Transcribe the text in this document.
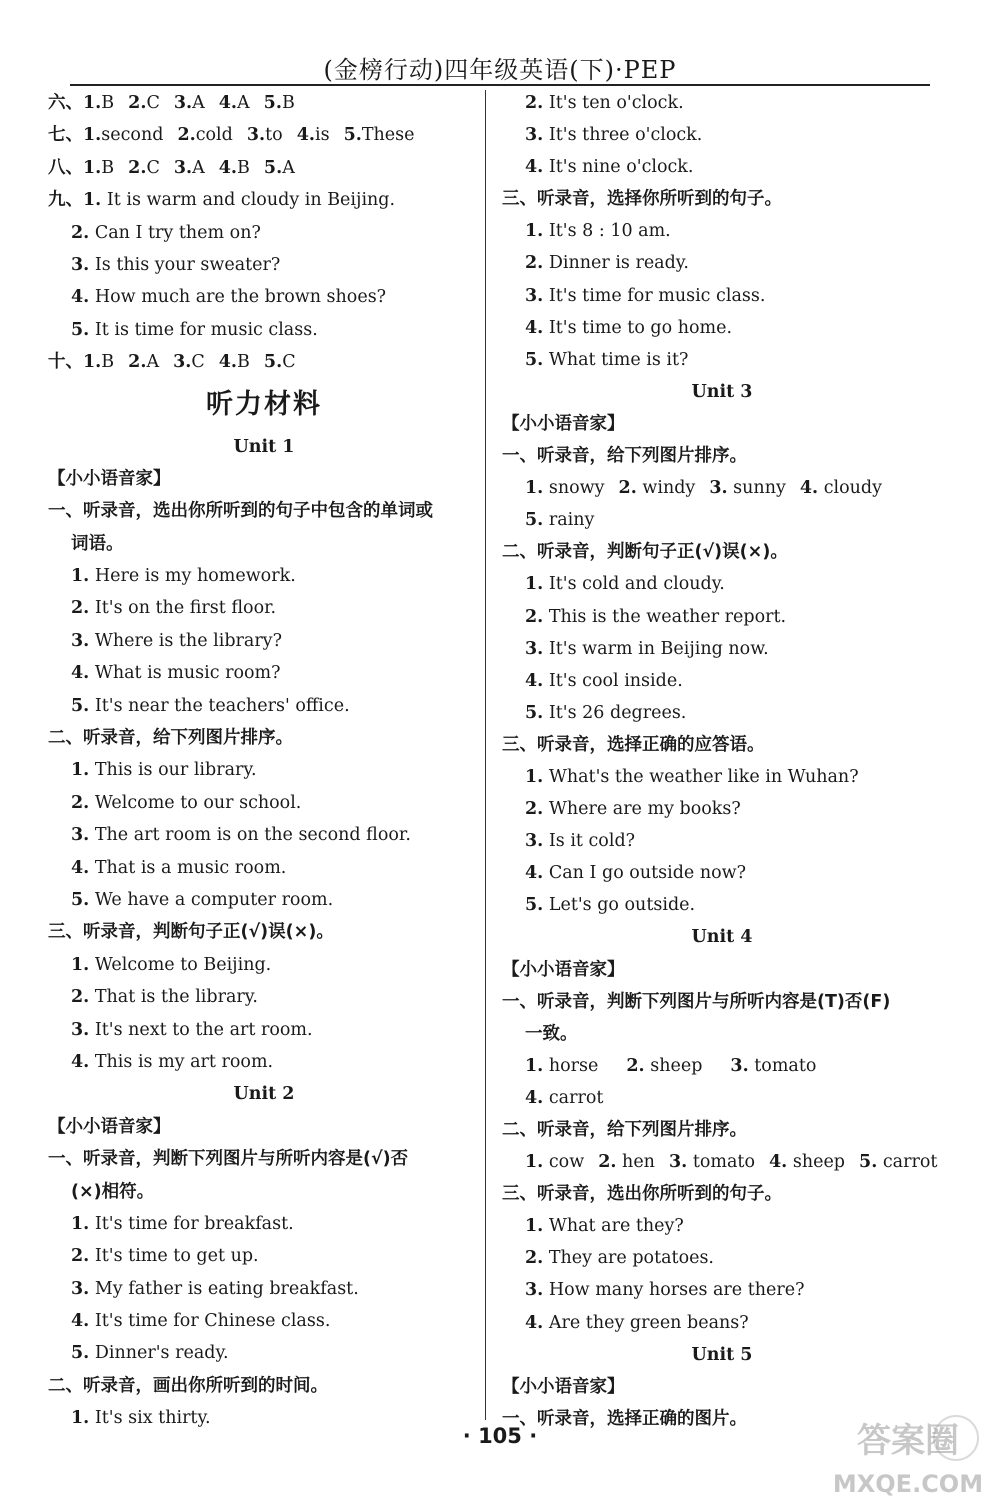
(金榜行动)四年级英语(下)·PEP
六、1.B 2.C 3.A 4.A 5.B
七、1.second 2.cold 3.to 4.is 5.These
八、1.B 2.C 3.A 4.B 5.A
九、1. It is warm and cloudy in Beijing.
2. Can I try them on?
3. Is this your sweater?
4. How much are the brown shoes?
5. It is time for music class.
十、1.B 2.A 3.C 4.B 5.C
听力材料
Unit 1
【小小语音家】
一、听录音，选出你所听到的句子中包含的单词或
词语。
1. Here is my homework.
2. It's on the first floor.
3. Where is the library?
4. What is music room?
5. It's near the teachers' office.
二、听录音，给下列图片排序。
1. This is our library.
2. Welcome to our school.
3. The art room is on the second floor.
4. That is a music room.
5. We have a computer room.
三、听录音，判断句子正(√)误(×)。
1. Welcome to Beijing.
2. That is the library.
3. It's next to the art room.
4. This is my art room.
Unit 2
【小小语音家】
一、听录音，判断下列图片与所听内容是(√)否
(×)相符。
1. It's time for breakfast.
2. It's time to get up.
3. My father is eating breakfast.
4. It's time for Chinese class.
5. Dinner's ready.
二、听录音，画出你所听到的时间。
1. It's six thirty.
2. It's ten o'clock.
3. It's three o'clock.
4. It's nine o'clock.
三、听录音，选择你所听到的句子。
1. It's 8 : 10 am.
2. Dinner is ready.
3. It's time for music class.
4. It's time to go home.
5. What time is it?
Unit 3
【小小语音家】
一、听录音，给下列图片排序。
1. snowy 2. windy 3. sunny 4. cloudy
5. rainy
二、听录音，判断句子正(√)误(×)。
1. It's cold and cloudy.
2. This is the weather report.
3. It's warm in Beijing now.
4. It's cool inside.
5. It's 26 degrees.
三、听录音，选择正确的应答语。
1. What's the weather like in Wuhan?
2. Where are my books?
3. Is it cold?
4. Can I go outside now?
5. Let's go outside.
Unit 4
【小小语音家】
一、听录音，判断下列图片与所听内容是(T)否(F)
一致。
1. horse 2. sheep 3. tomato
4. carrot
二、听录音，给下列图片排序。
1. cow 2. hen 3. tomato 4. sheep 5. carrot
三、听录音，选出你所听到的句子。
1. What are they?
2. They are potatoes.
3. How many horses are there?
4. Are they green beans?
Unit 5
【小小语音家】
一、听录音，选择正确的图片。
· 105 ·	答案圈
MXQE.COM
